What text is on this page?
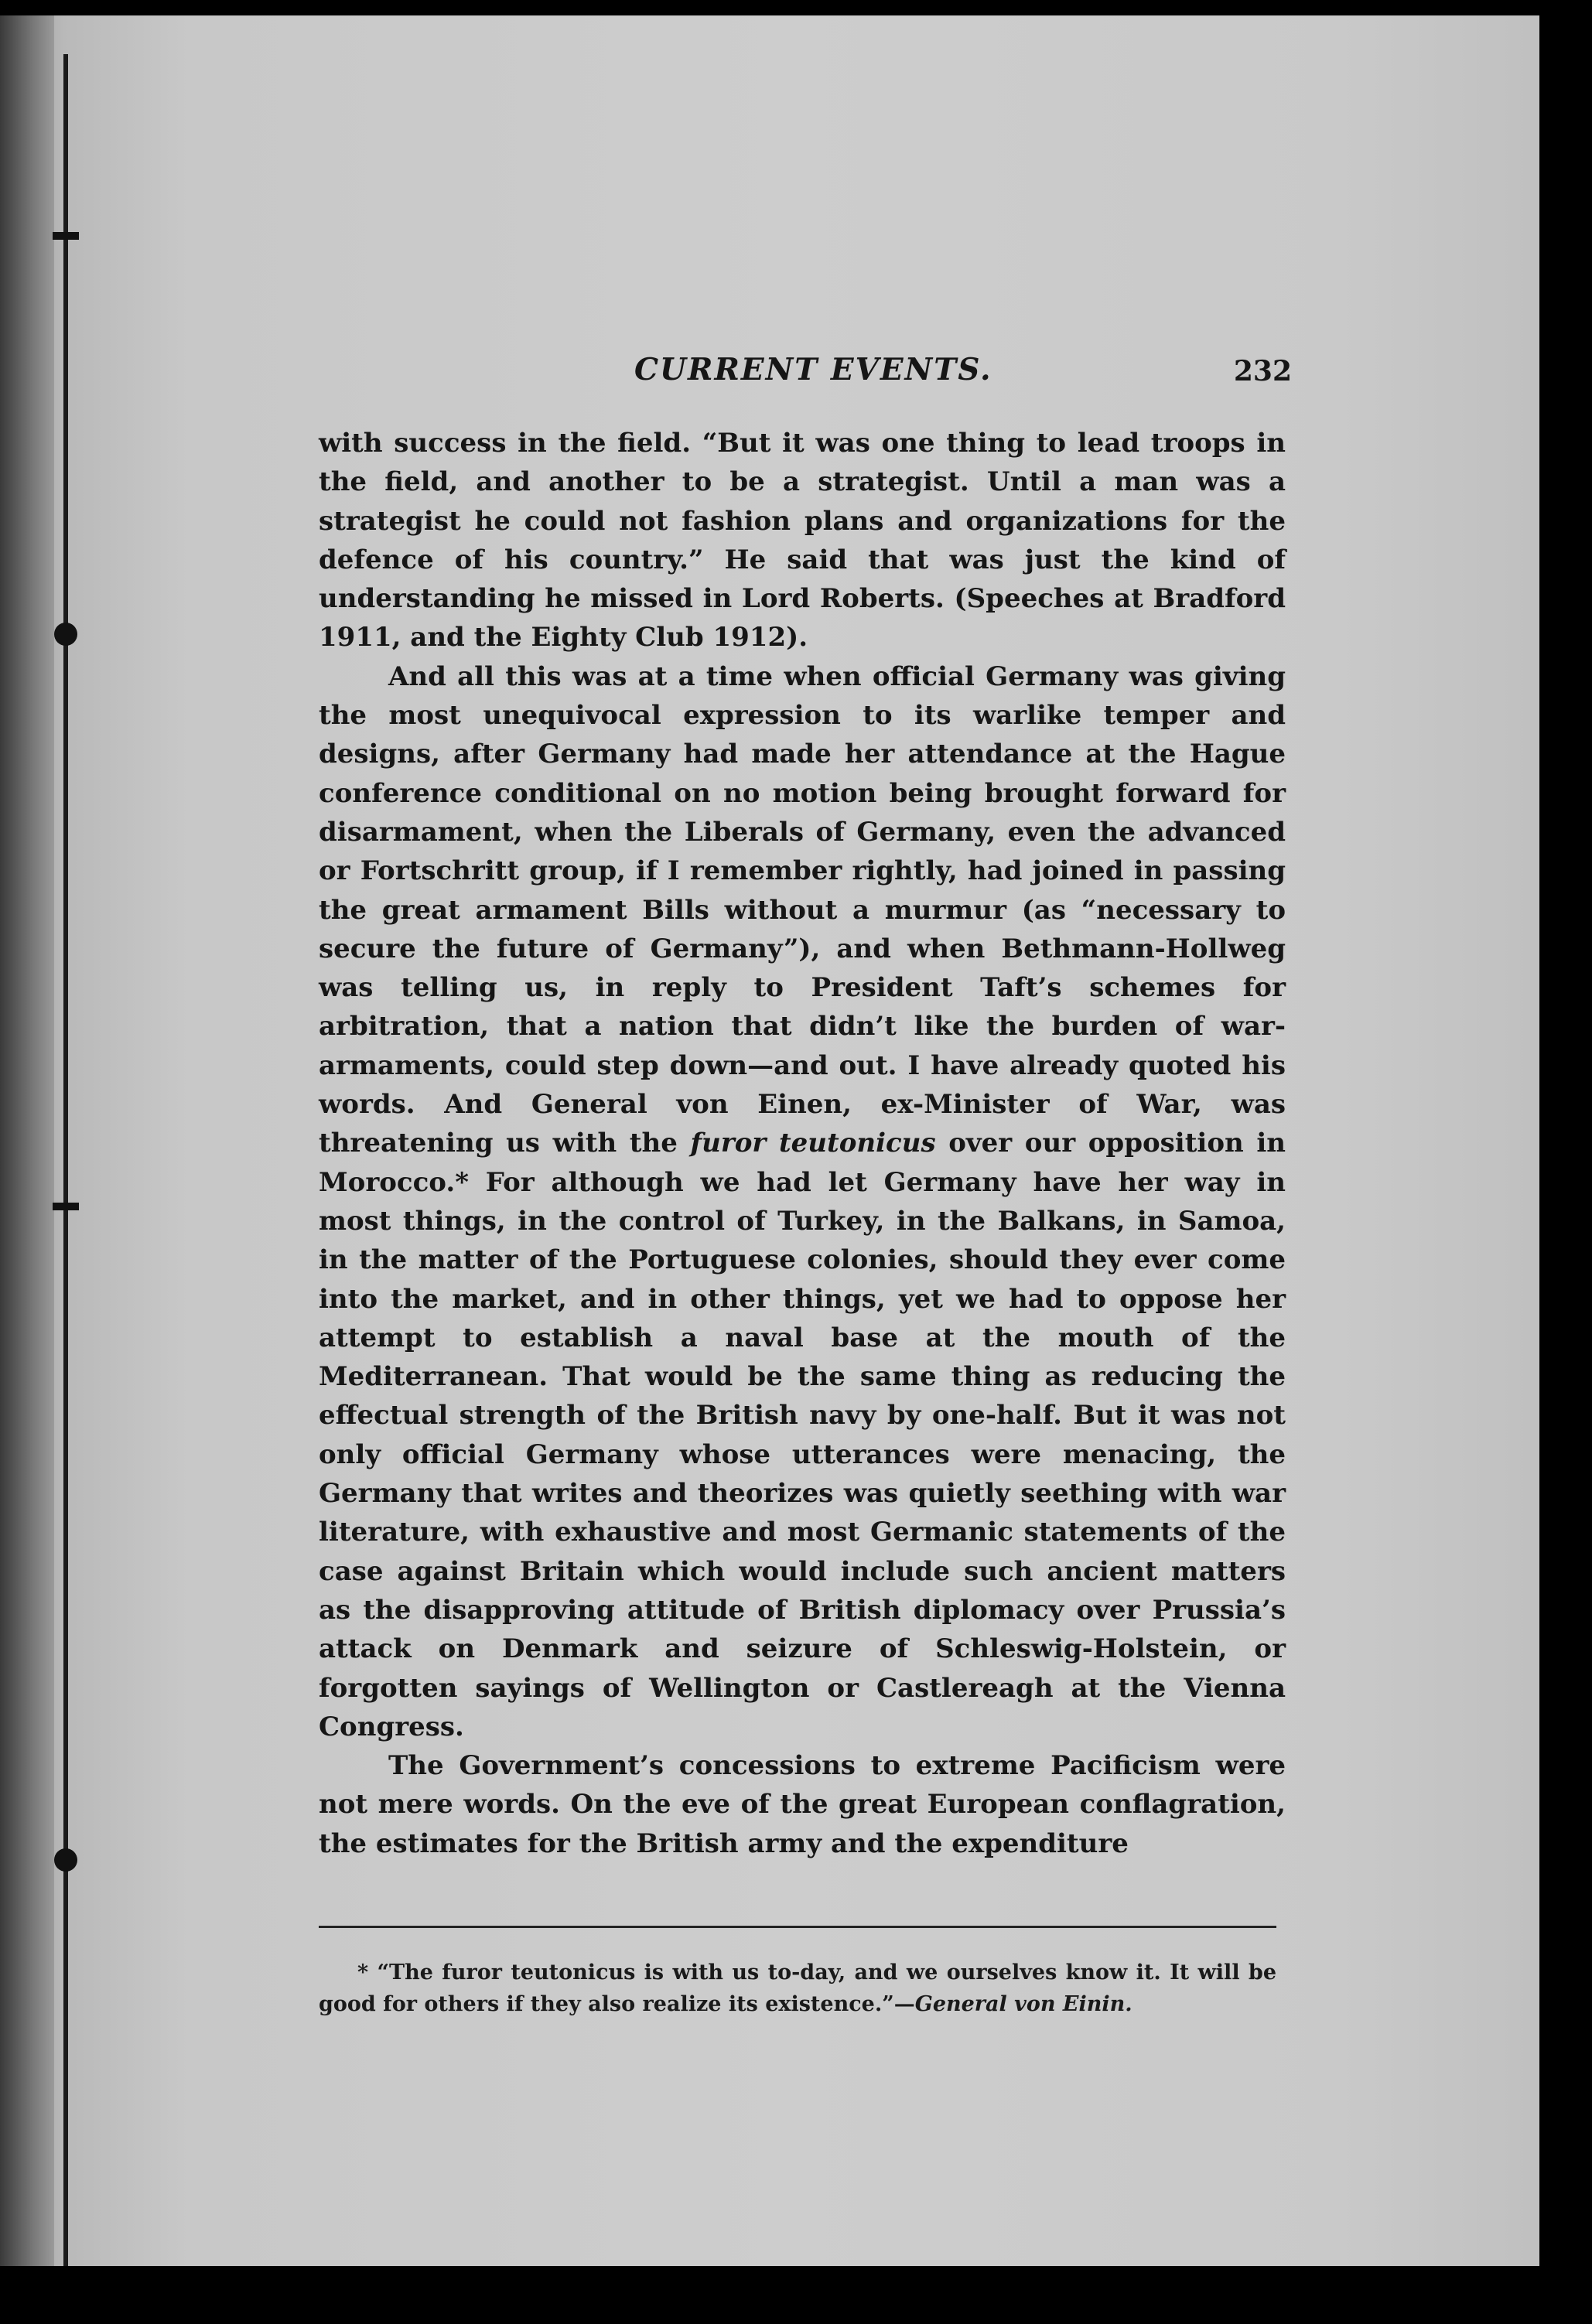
CURRENT EVENTS.	232

with success in the field. “But it was one thing to lead troops in the field, and another to be a strategist. Until a man was a strategist he could not fashion plans and organizations for the defence of his country.” He said that was just the kind of understanding he missed in Lord Roberts. (Speeches at Bradford 1911, and the Eighty Club 1912).

And all this was at a time when official Germany was giving the most unequivocal expression to its warlike temper and designs, after Germany had made her attendance at the Hague conference conditional on no motion being brought forward for disarmament, when the Liberals of Germany, even the advanced or Fortschritt group, if I remember rightly, had joined in passing the great armament Bills without a murmur (as “necessary to secure the future of Germany”), and when Bethmann-Hollweg was telling us, in reply to President Taft’s schemes for arbitration, that a nation that didn’t like the burden of war-armaments, could step down—and out. I have already quoted his words. And General von Einen, ex-Minister of War, was threatening us with the furor teutonicus over our opposition in Morocco.* For although we had let Germany have her way in most things, in the control of Turkey, in the Balkans, in Samoa, in the matter of the Portuguese colonies, should they ever come into the market, and in other things, yet we had to oppose her attempt to establish a naval base at the mouth of the Mediterranean. That would be the same thing as reducing the effectual strength of the British navy by one-half. But it was not only official Germany whose utterances were menacing, the Germany that writes and theorizes was quietly seething with war literature, with exhaustive and most Germanic statements of the case against Britain which would include such ancient matters as the disapproving attitude of British diplomacy over Prussia’s attack on Denmark and seizure of Schleswig-Holstein, or forgotten sayings of Wellington or Castlereagh at the Vienna Congress.

The Government’s concessions to extreme Pacificism were not mere words. On the eve of the great European conflagration, the estimates for the British army and the expenditure

* “The furor teutonicus is with us to-day, and we ourselves know it. It will be good for others if they also realize its existence.”—General von Einin.
